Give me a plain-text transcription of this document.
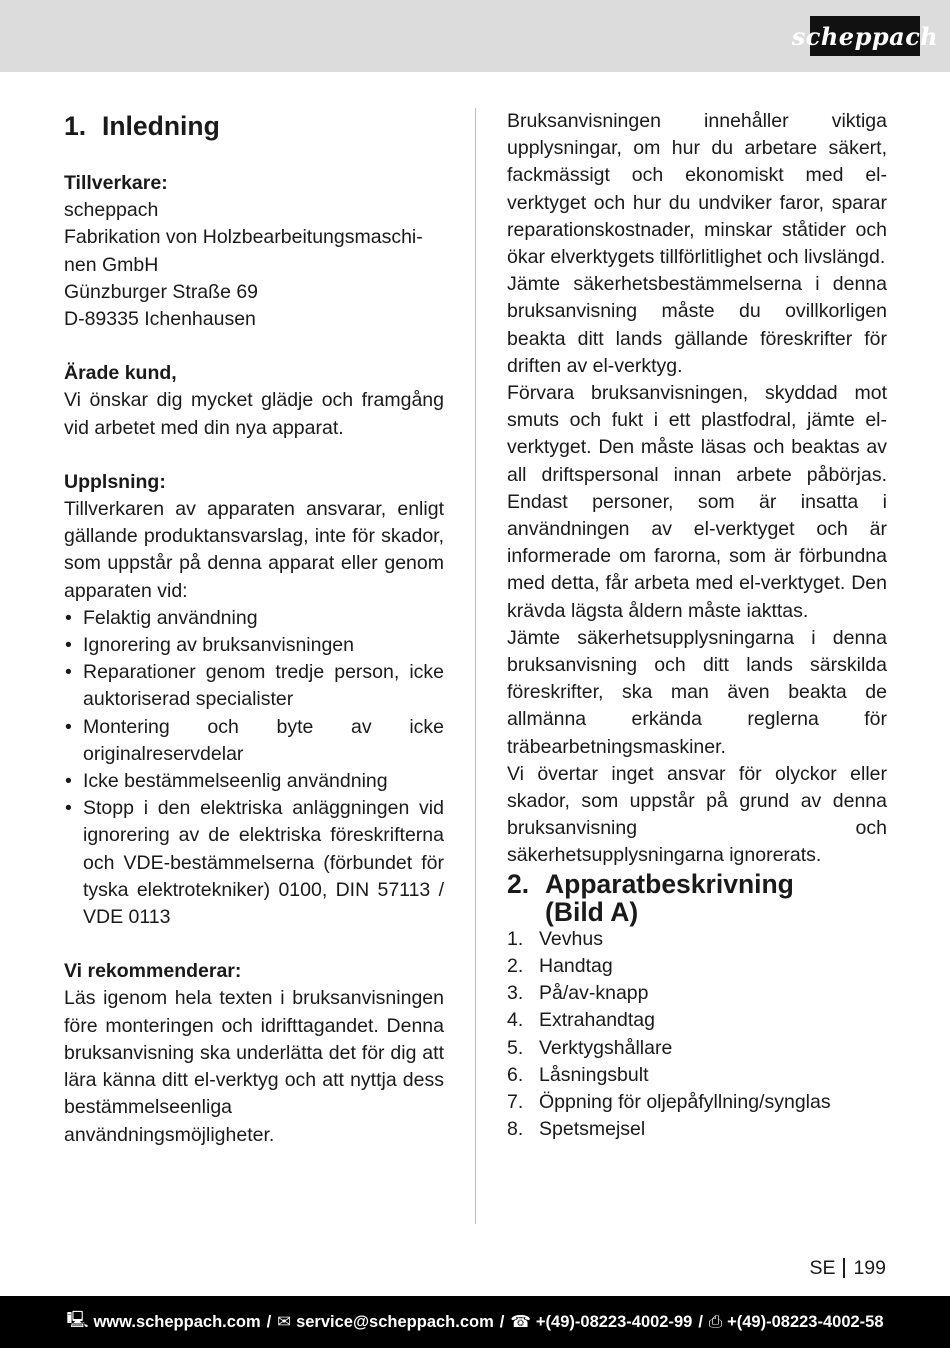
scheppach
1. Inledning
Tillverkare:
scheppach
Fabrikation von Holzbearbeitungsmaschi-
nen GmbH
Günzburger Straße 69
D-89335 Ichenhausen
Ärade kund,

Vi önskar dig mycket glädje och framgång vid arbetet med din nya apparat.

Upplsning:

Tillverkaren av apparaten ansvarar, enligt gällande produktansvarslag, inte för skador, som uppstår på denna apparat eller genom apparaten vid:

• Felaktig användning
• Ignorering av bruksanvisningen
• Reparationer genom tredje person, icke auktoriserad specialister
• Montering och byte av icke originalreservdelar
• Icke bestämmelseenlig användning
• Stopp i den elektriska anläggningen vid ignorering av de elektriska föreskrifterna och VDE-bestämmelserna (förbundet för tyska elektrotekniker) 0100, DIN 57113 / VDE 0113
Vi rekommenderar:

Läs igenom hela texten i bruksanvisningen före monteringen och idrifttagandet. Denna bruksanvisning ska underlätta det för dig att lära känna ditt el-verktyg och att nyttja dess bestämmelseenliga användningsmöjligheter.

Bruksanvisningen innehåller viktiga upplysningar, om hur du arbetare säkert, fackmässigt och ekonomiskt med el-verktyget och hur du undviker faror, sparar reparationskostnader, minskar ståtider och ökar elverktygets tillförlitlighet och livslängd.

Jämte säkerhetsbestämmelserna i denna bruksanvisning måste du ovillkorligen beakta ditt lands gällande föreskrifter för driften av el-verktyg.

Förvara bruksanvisningen, skyddad mot smuts och fukt i ett plastfodral, jämte el-verktyget. Den måste läsas och beaktas av all driftspersonal innan arbete påbörjas. Endast personer, som är insatta i användningen av el-verktyget och är informerade om farorna, som är förbundna med detta, får arbeta med el-verktyget. Den krävda lägsta åldern måste iakttas.

Jämte säkerhetsupplysningarna i denna bruksanvisning och ditt lands särskilda föreskrifter, ska man även beakta de allmänna erkända reglerna för träbearbetningsmaskiner.

Vi övertar inget ansvar för olyckor eller skador, som uppstår på grund av denna bruksanvisning och säkerhetsupplysningarna ignorerats.

2. Apparatbeskrivning
(Bild A)
1. Vevhus
2. Handtag
3. På/av-knapp
4. Extrahandtag
5. Verktygshållare
6. Låsningsbult
7. Öppning för oljepåfyllning/synglas
8. Spetsmejsel
SE 199
🖳 www.scheppach.com / ✉ service@scheppach.com / ☎ +(49)-08223-4002-99 / ⎙ +(49)-08223-4002-58
